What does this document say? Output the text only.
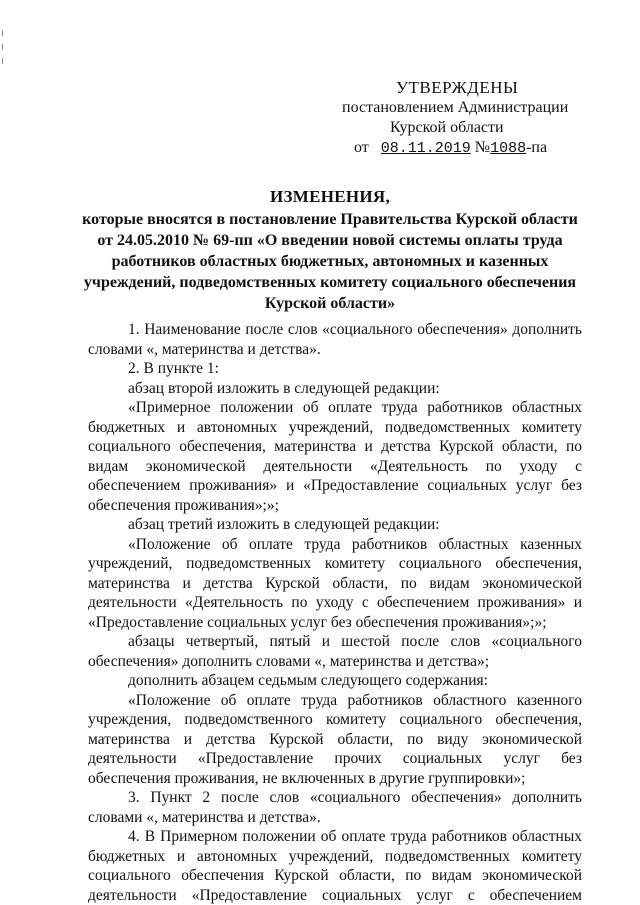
УТВЕРЖДЕНЫ
постановлением Администрации
Курской области
от 08.11.2019 №1088-па
ИЗМЕНЕНИЯ,
которые вносятся в постановление Правительства Курской области
от 24.05.2010 № 69-пп «О введении новой системы оплаты труда
работников областных бюджетных, автономных и казенных
учреждений, подведомственных комитету социального обеспечения
Курской области»

1. Наименование после слов «социального обеспечения» дополнить словами «, материнства и детства».

2. В пункте 1:

абзац второй изложить в следующей редакции:

«Примерное положении об оплате труда работников областных бюджетных и автономных учреждений, подведомственных комитету социального обеспечения, материнства и детства Курской области, по видам экономической деятельности «Деятельность по уходу с обеспечением проживания» и «Предоставление социальных услуг без обеспечения проживания»;»;

абзац третий изложить в следующей редакции:

«Положение об оплате труда работников областных казенных учреждений, подведомственных комитету социального обеспечения, материнства и детства Курской области, по видам экономической деятельности «Деятельность по уходу с обеспечением проживания» и «Предоставление социальных услуг без обеспечения проживания»;»;

абзацы четвертый, пятый и шестой после слов «социального обеспечения» дополнить словами «, материнства и детства»;

дополнить абзацем седьмым следующего содержания:

«Положение об оплате труда работников областного казенного учреждения, подведомственного комитету социального обеспечения, материнства и детства Курской области, по виду экономической деятельности «Предоставление прочих социальных услуг без обеспечения проживания, не включенных в другие группировки»;

3. Пункт 2 после слов «социального обеспечения» дополнить словами «, материнства и детства».

4. В Примерном положении об оплате труда работников областных бюджетных и автономных учреждений, подведомственных комитету социального обеспечения Курской области, по видам экономической деятельности «Предоставление социальных услуг с обеспечением
